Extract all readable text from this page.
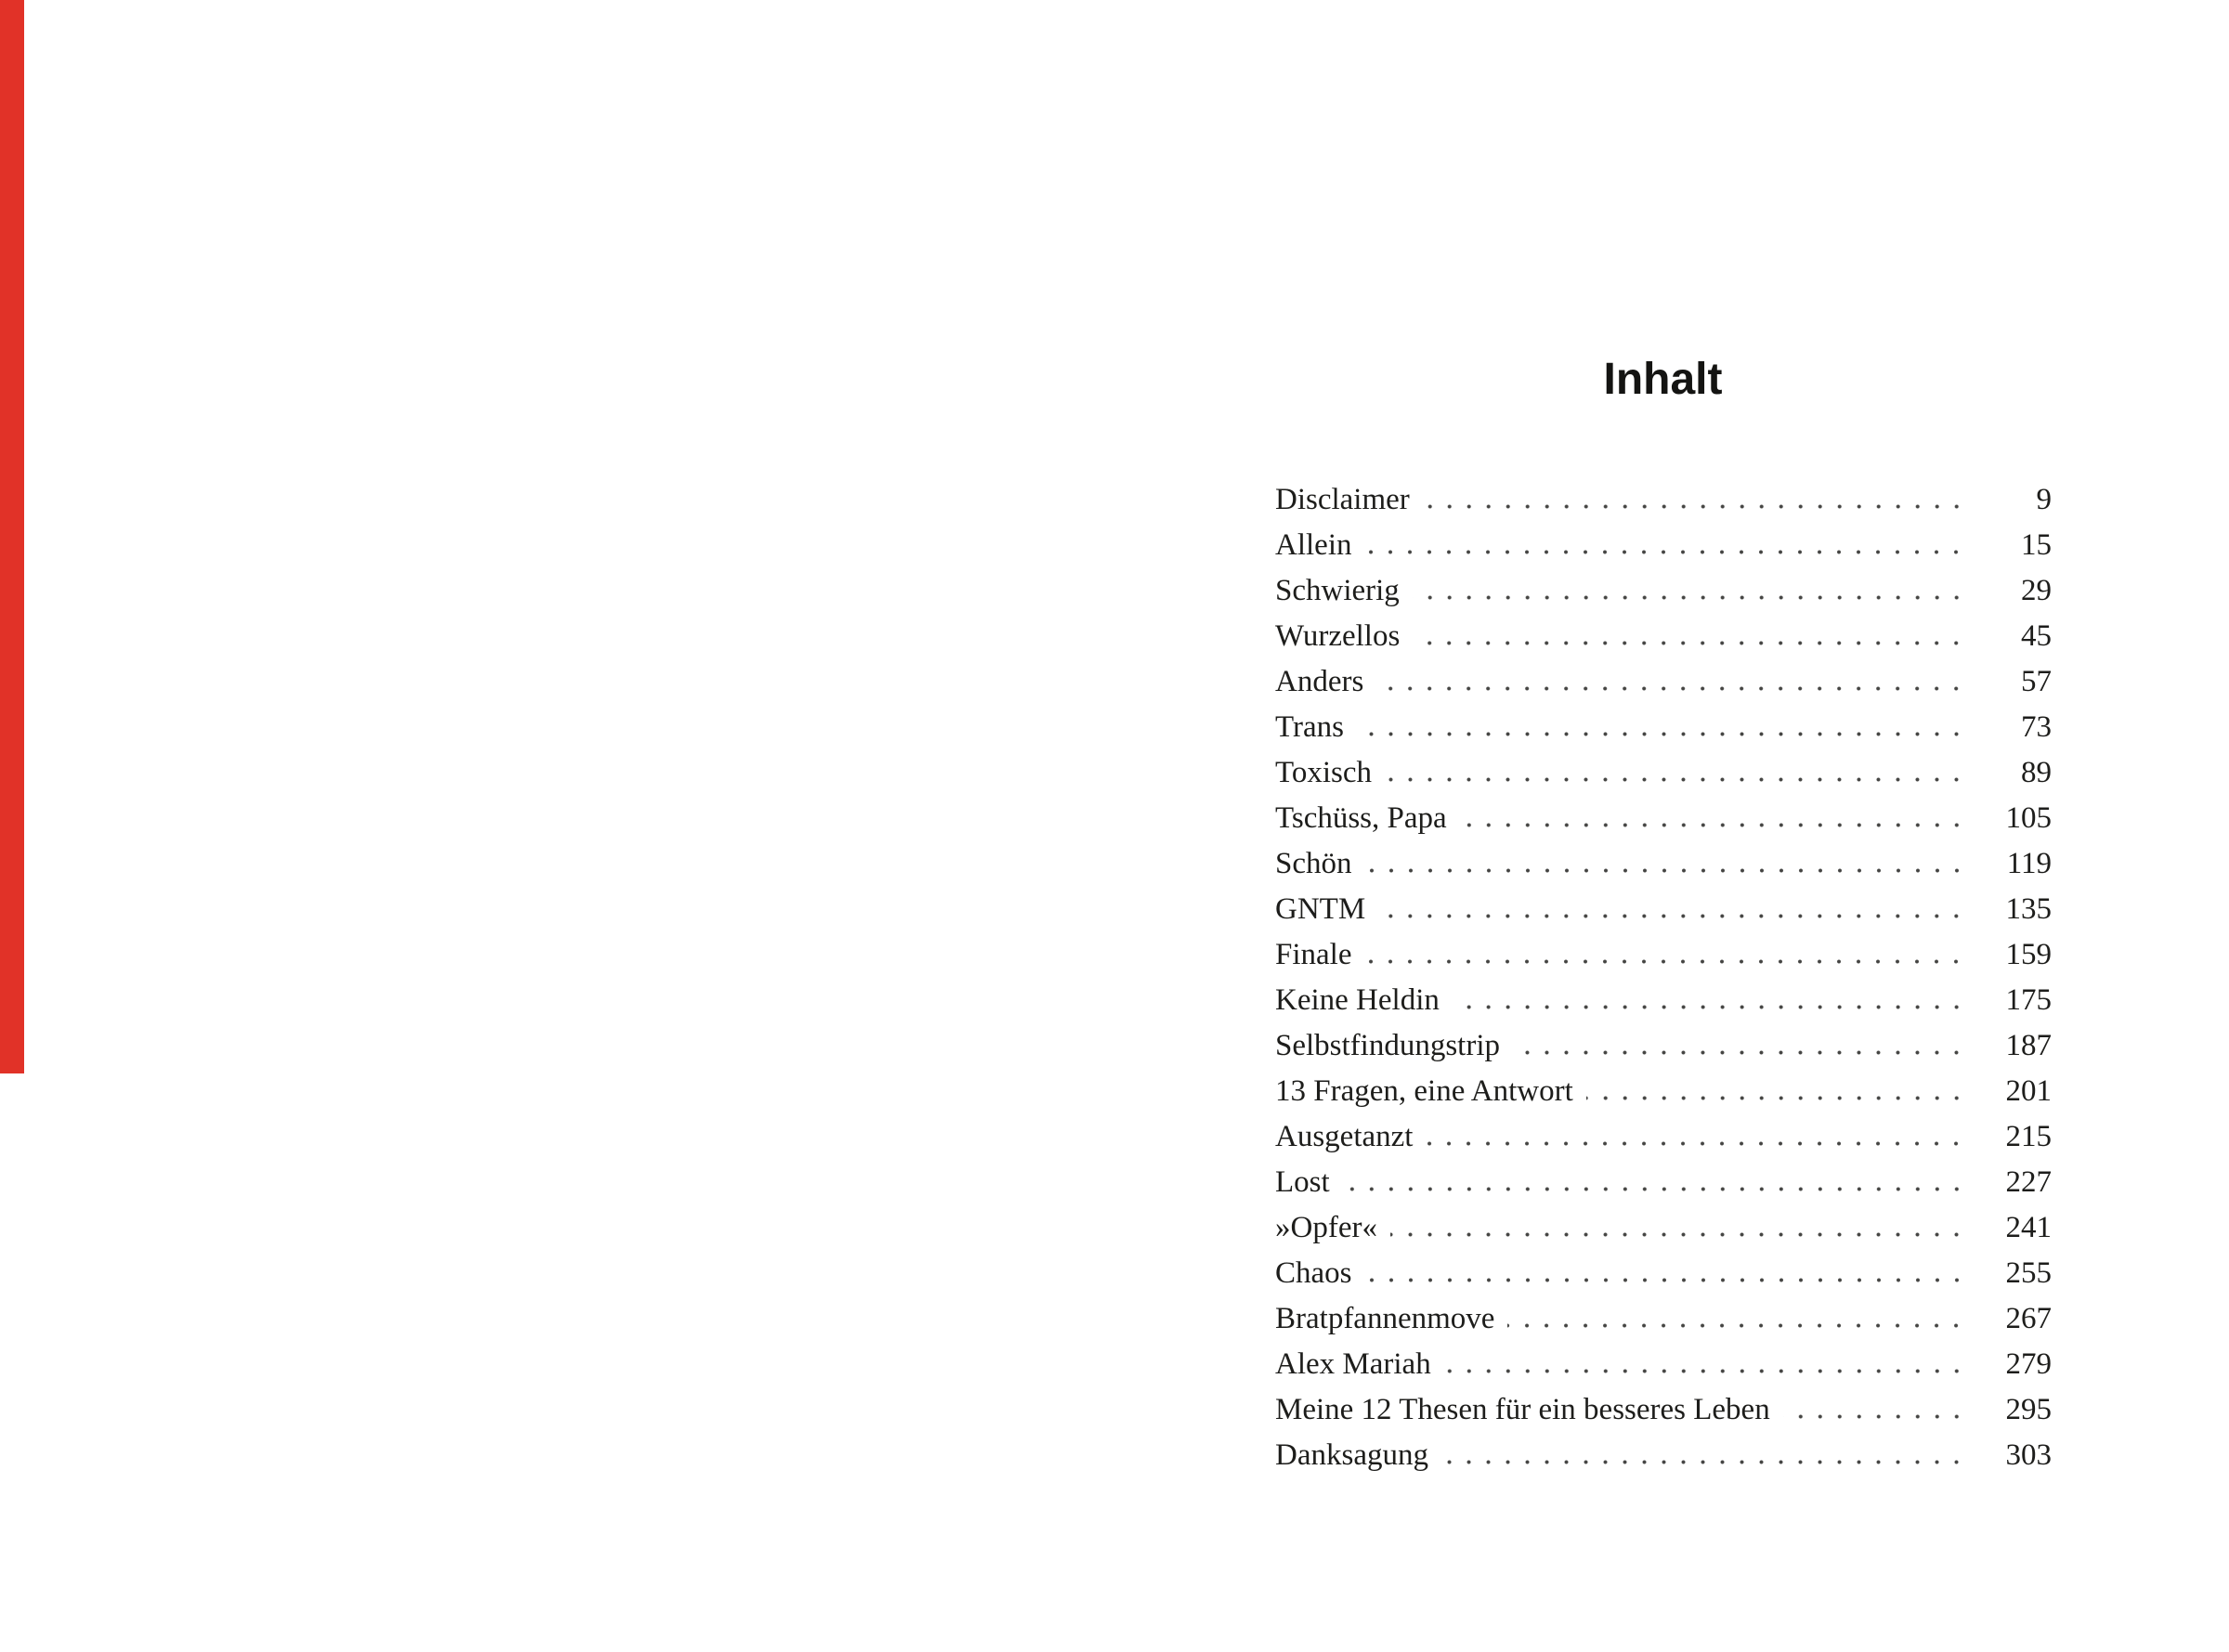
Inhalt
Disclaimer	9
Allein	15
Schwierig	29
Wurzellos	45
Anders	57
Trans	73
Toxisch	89
Tschüss, Papa	105
Schön	119
GNTM	135
Finale	159
Keine Heldin	175
Selbstfindungstrip	187
13 Fragen, eine Antwort	201
Ausgetanzt	215
Lost	227
»Opfer«	241
Chaos	255
Bratpfannenmove	267
Alex Mariah	279
Meine 12 Thesen für ein besseres Leben	295
Danksagung	303
